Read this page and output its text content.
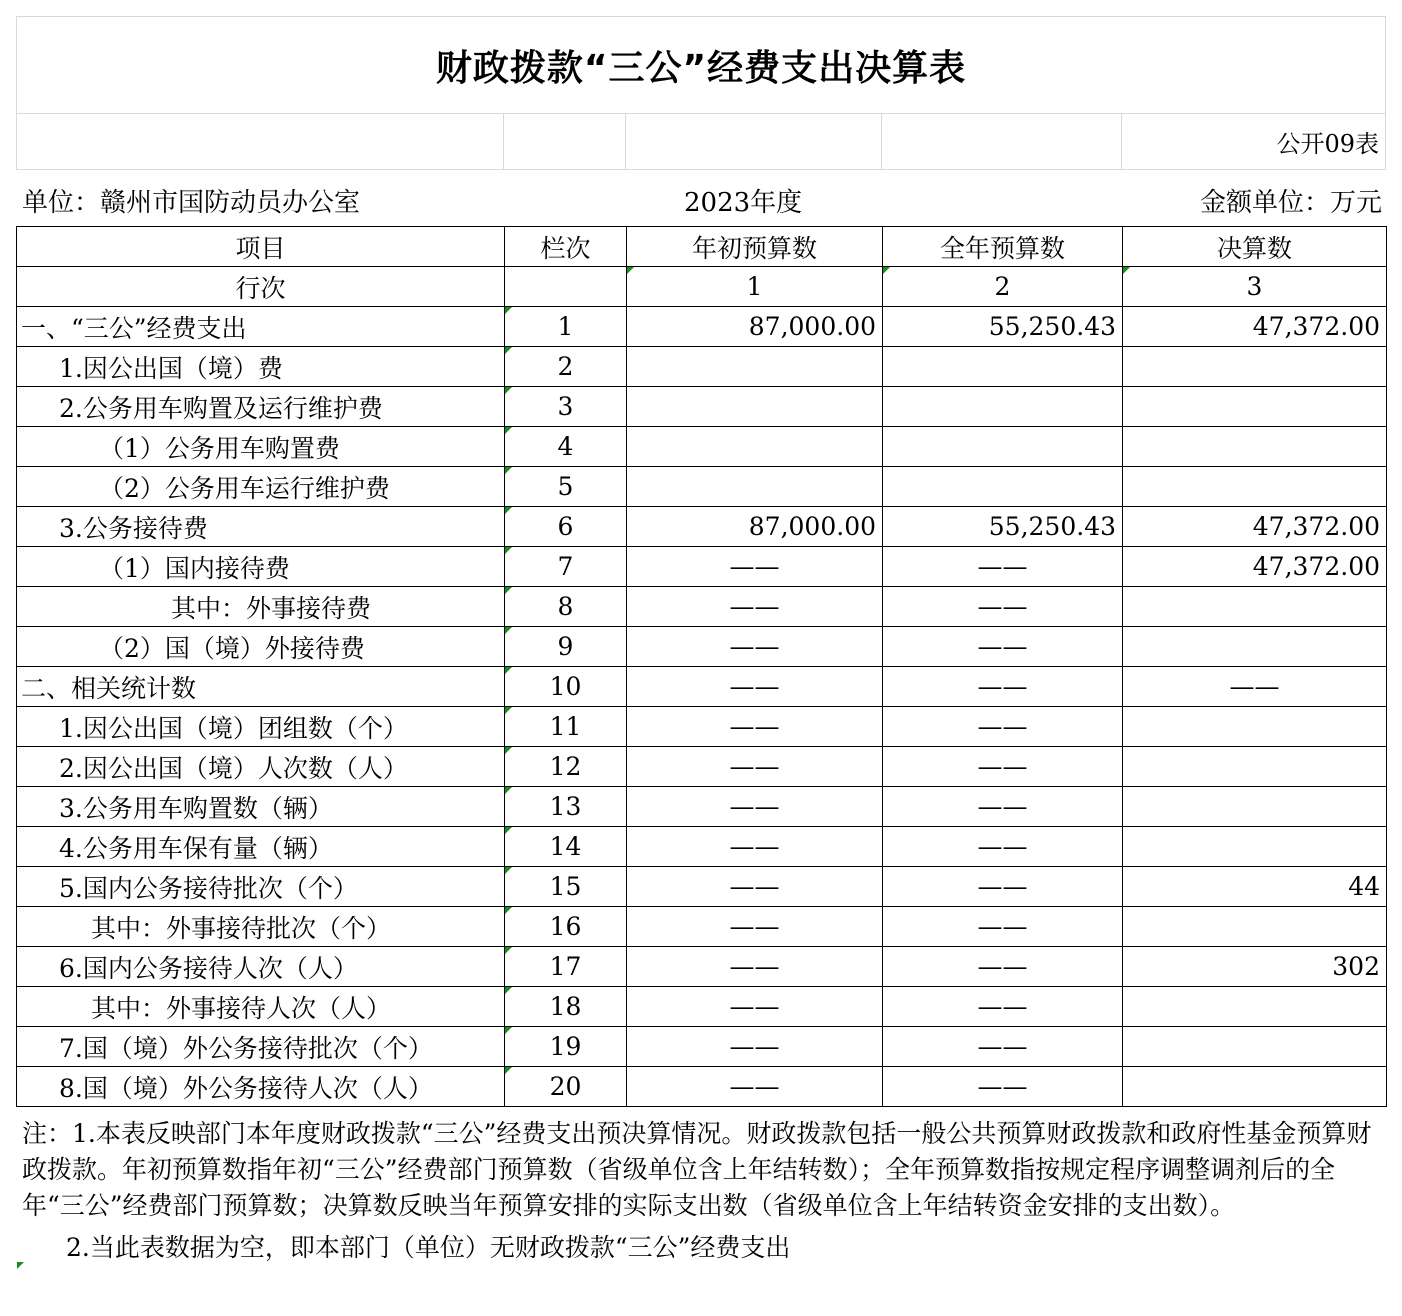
财政拨款“三公”经费支出决算表
公开09表
单位：赣州市国防动员办公室	2023年度	金额单位：万元
项目	栏次	年初预算数	全年预算数	决算数
行次		1	2	3
一、“三公”经费支出	1	87,000.00	55,250.43	47,372.00
1.因公出国（境）费	2			
2.公务用车购置及运行维护费	3			
（1）公务用车购置费	4			
（2）公务用车运行维护费	5			
3.公务接待费	6	87,000.00	55,250.43	47,372.00
（1）国内接待费	7	——	——	47,372.00
其中：外事接待费	8	——	——	
（2）国（境）外接待费	9	——	——	
二、相关统计数	10	——	——	——
1.因公出国（境）团组数（个）	11	——	——	
2.因公出国（境）人次数（人）	12	——	——	
3.公务用车购置数（辆）	13	——	——	
4.公务用车保有量（辆）	14	——	——	
5.国内公务接待批次（个）	15	——	——	44
其中：外事接待批次（个）	16	——	——	
6.国内公务接待人次（人）	17	——	——	302
其中：外事接待人次（人）	18	——	——	
7.国（境）外公务接待批次（个）	19	——	——	
8.国（境）外公务接待人次（人）	20	——	——	

注：1.本表反映部门本年度财政拨款“三公”经费支出预决算情况。财政拨款包括一般公共预算财政拨款和政府性基金预算财政拨款。年初预算数指年初“三公”经费部门预算数（省级单位含上年结转数）；全年预算数指按规定程序调整调剂后的全年“三公”经费部门预算数；决算数反映当年预算安排的实际支出数（省级单位含上年结转资金安排的支出数）。

2.当此表数据为空，即本部门（单位）无财政拨款“三公”经费支出
